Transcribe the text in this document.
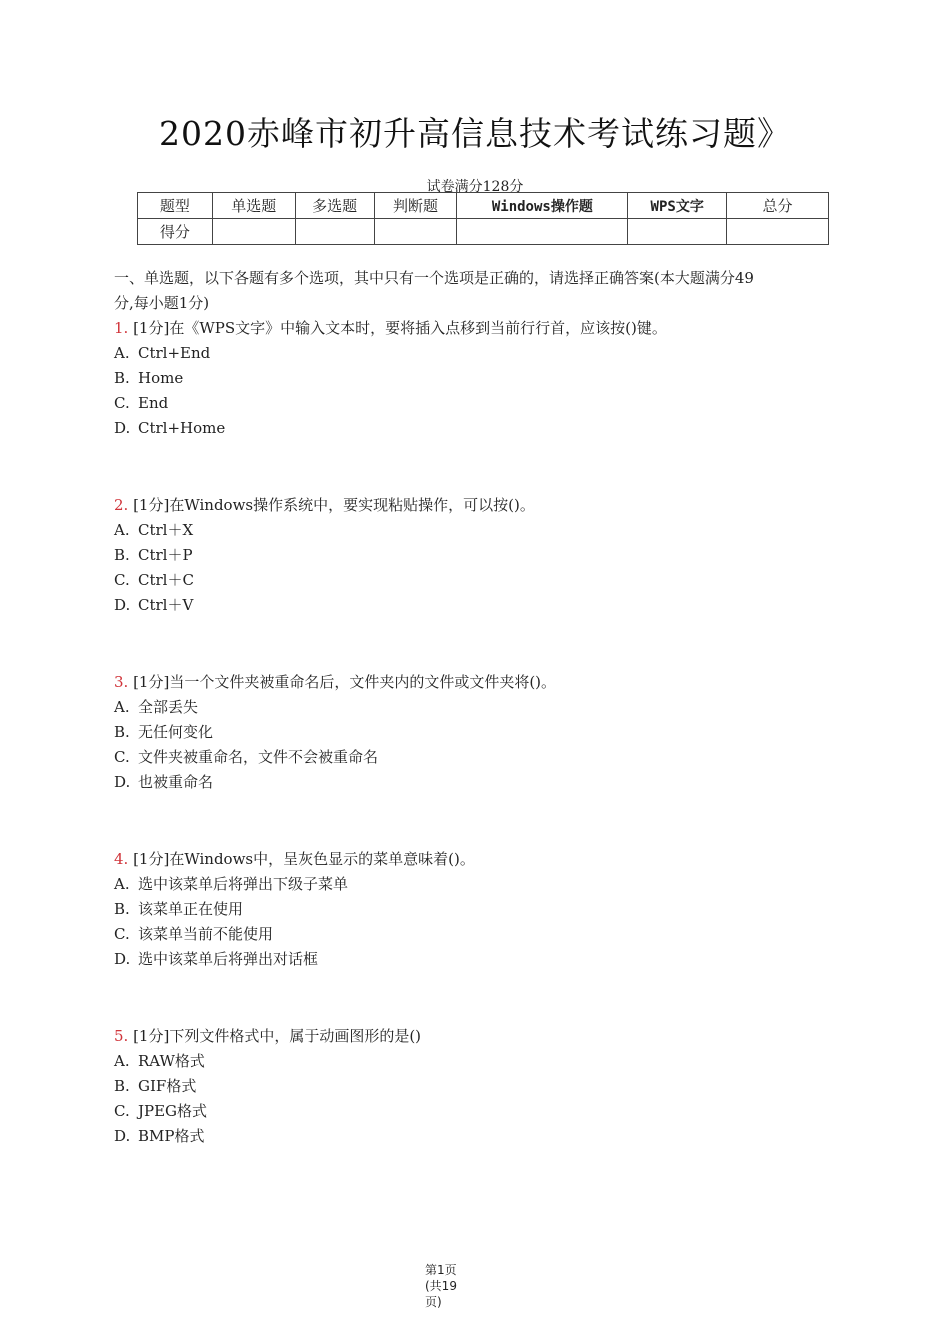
2020赤峰市初升高信息技术考试练习题》
试卷满分128分
题型	单选题	多选题	判断题	Windows操作题	WPS文字	总分
得分						
一、单选题，以下各题有多个选项，其中只有一个选项是正确的，请选择正确答案(本大题满分49
分,每小题1分)
1. [1分]在《WPS文字》中输入文本时，要将插入点移到当前行行首，应该按()键。
A. Ctrl+End
B. Home
C. End
D. Ctrl+Home
2. [1分]在Windows操作系统中，要实现粘贴操作，可以按()。
A. Ctrl＋X
B. Ctrl＋P
C. Ctrl＋C
D. Ctrl＋V
3. [1分]当一个文件夹被重命名后，文件夹内的文件或文件夹将()。
A. 全部丢失
B. 无任何变化
C. 文件夹被重命名，文件不会被重命名
D. 也被重命名
4. [1分]在Windows中，呈灰色显示的菜单意味着()。
A. 选中该菜单后将弹出下级子菜单
B. 该菜单正在使用
C. 该菜单当前不能使用
D. 选中该菜单后将弹出对话框
5. [1分]下列文件格式中，属于动画图形的是()
A. RAW格式
B. GIF格式
C. JPEG格式
D. BMP格式
第1页
(共19
页)
